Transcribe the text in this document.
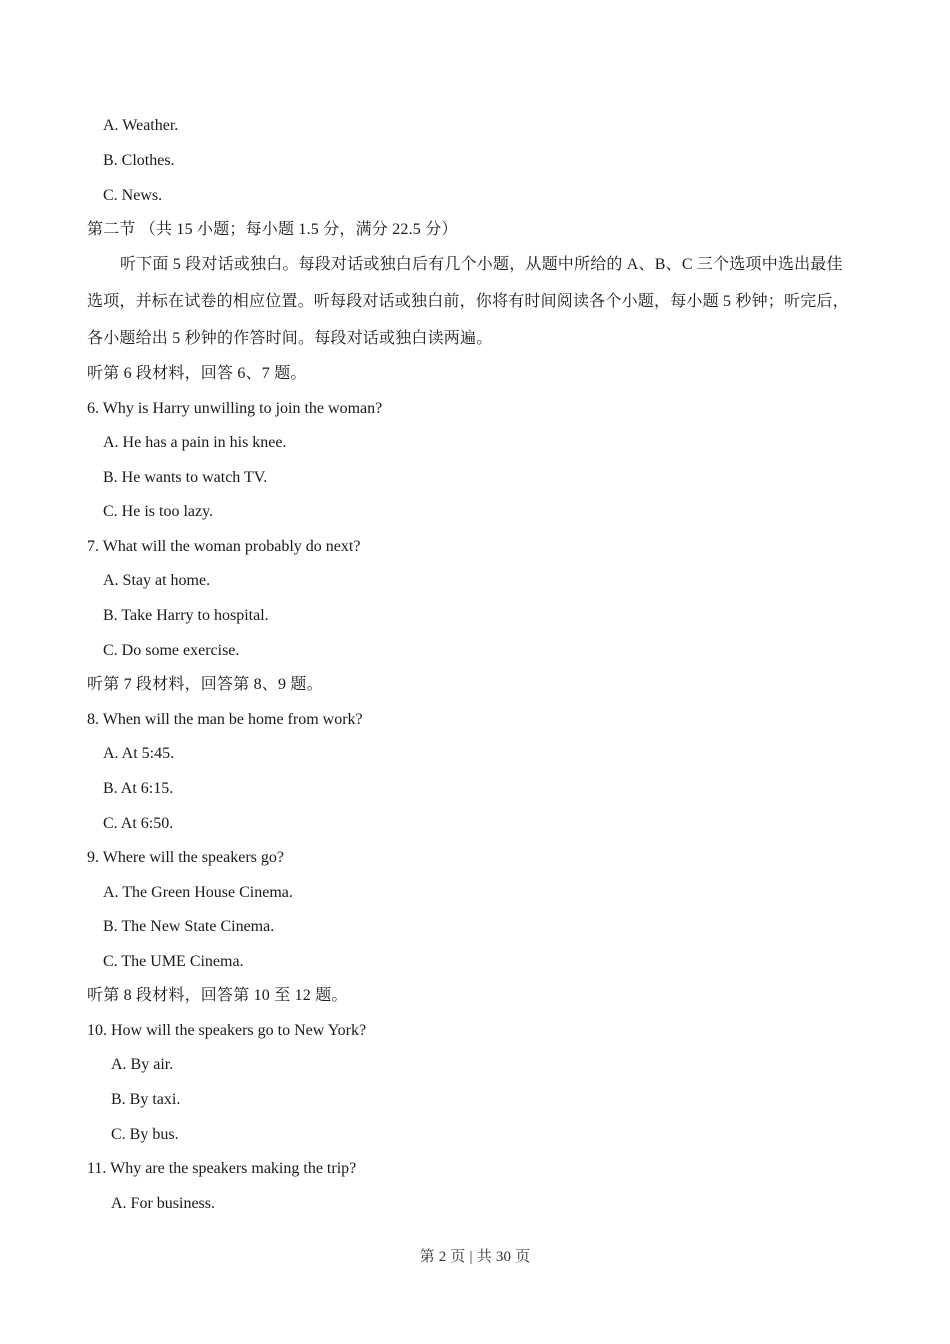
A. Weather.
B. Clothes.
C. News.
第二节 （共 15 小题；每小题 1.5 分，满分 22.5 分）
听下面 5 段对话或独白。每段对话或独白后有几个小题，从题中所给的 A、B、C 三个选项中选出最佳
选项，并标在试卷的相应位置。听每段对话或独白前，你将有时间阅读各个小题，每小题 5 秒钟；听完后，
各小题给出 5 秒钟的作答时间。每段对话或独白读两遍。
听第 6 段材料，回答 6、7 题。
6. Why is Harry unwilling to join the woman?
A. He has a pain in his knee.
B. He wants to watch TV.
C. He is too lazy.
7. What will the woman probably do next?
A. Stay at home.
B. Take Harry to hospital.
C. Do some exercise.
听第 7 段材料，回答第 8、9 题。
8. When will the man be home from work?
A. At 5:45.
B. At 6:15.
C. At 6:50.
9. Where will the speakers go?
A. The Green House Cinema.
B. The New State Cinema.
C. The UME Cinema.
听第 8 段材料，回答第 10 至 12 题。
10. How will the speakers go to New York?
A. By air.
B. By taxi.
C. By bus.
11. Why are the speakers making the trip?
A. For business.
第 2 页 | 共 30 页
